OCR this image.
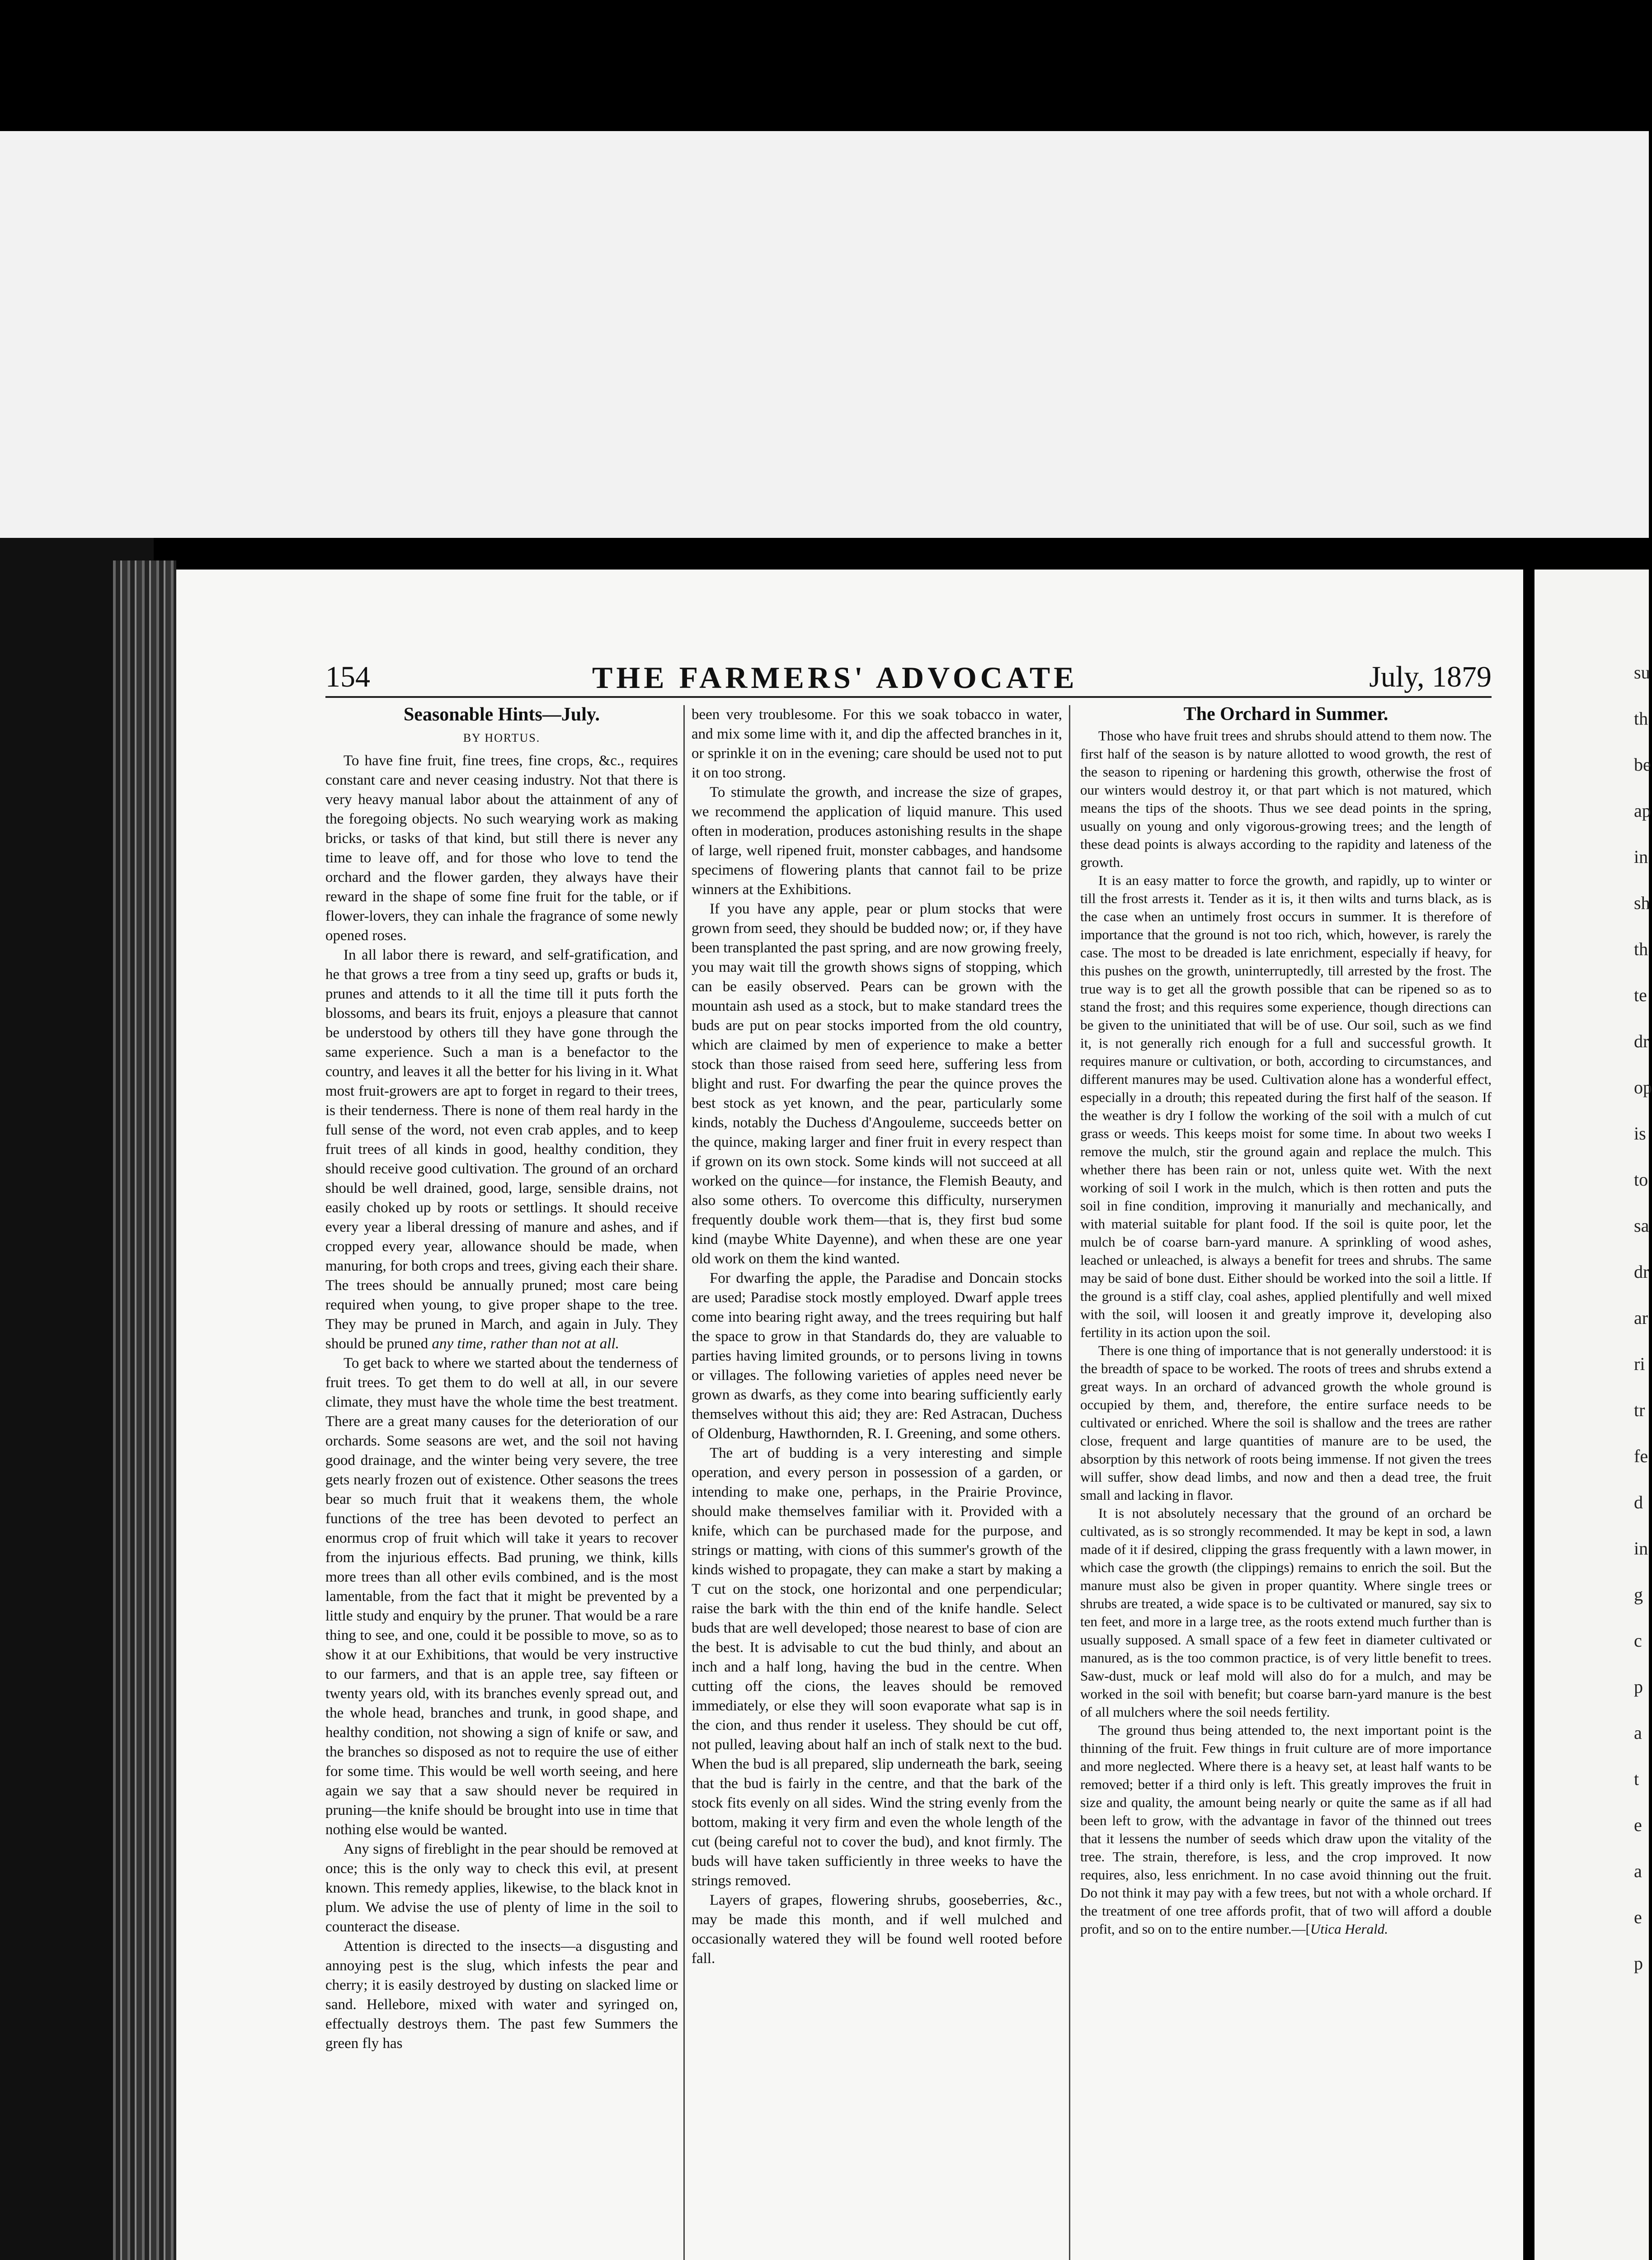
su
th
be
ap
in
sh
th
te
dr
op
is
to
sa
dr
ar
ri
tr
fe
d
in
g
c
p
a
t
e
a
e
p
154	THE FARMERS' ADVOCATE	July, 1879
Seasonable Hints—July.
BY HORTUS.

To have fine fruit, fine trees, fine crops, &c., requires constant care and never ceasing industry. Not that there is very heavy manual labor about the attainment of any of the foregoing objects. No such wearying work as making bricks, or tasks of that kind, but still there is never any time to leave off, and for those who love to tend the orchard and the flower garden, they always have their reward in the shape of some fine fruit for the table, or if flower-lovers, they can inhale the fragrance of some newly opened roses.

In all labor there is reward, and self-gratification, and he that grows a tree from a tiny seed up, grafts or buds it, prunes and attends to it all the time till it puts forth the blossoms, and bears its fruit, enjoys a pleasure that cannot be understood by others till they have gone through the same experience. Such a man is a benefactor to the country, and leaves it all the better for his living in it. What most fruit-growers are apt to forget in regard to their trees, is their tenderness. There is none of them real hardy in the full sense of the word, not even crab apples, and to keep fruit trees of all kinds in good, healthy condition, they should receive good cultivation. The ground of an orchard should be well drained, good, large, sensible drains, not easily choked up by roots or settlings. It should receive every year a liberal dressing of manure and ashes, and if cropped every year, allowance should be made, when manuring, for both crops and trees, giving each their share. The trees should be annually pruned; most care being required when young, to give proper shape to the tree. They may be pruned in March, and again in July. They should be pruned any time, rather than not at all.

To get back to where we started about the tenderness of fruit trees. To get them to do well at all, in our severe climate, they must have the whole time the best treatment. There are a great many causes for the deterioration of our orchards. Some seasons are wet, and the soil not having good drainage, and the winter being very severe, the tree gets nearly frozen out of existence. Other seasons the trees bear so much fruit that it weakens them, the whole functions of the tree has been devoted to perfect an enormus crop of fruit which will take it years to recover from the injurious effects. Bad pruning, we think, kills more trees than all other evils combined, and is the most lamentable, from the fact that it might be prevented by a little study and enquiry by the pruner. That would be a rare thing to see, and one, could it be possible to move, so as to show it at our Exhibitions, that would be very instructive to our farmers, and that is an apple tree, say fifteen or twenty years old, with its branches evenly spread out, and the whole head, branches and trunk, in good shape, and healthy condition, not showing a sign of knife or saw, and the branches so disposed as not to require the use of either for some time. This would be well worth seeing, and here again we say that a saw should never be required in pruning—the knife should be brought into use in time that nothing else would be wanted.

Any signs of fireblight in the pear should be removed at once; this is the only way to check this evil, at present known. This remedy applies, likewise, to the black knot in plum. We advise the use of plenty of lime in the soil to counteract the disease.

Attention is directed to the insects—a disgusting and annoying pest is the slug, which infests the pear and cherry; it is easily destroyed by dusting on slacked lime or sand. Hellebore, mixed with water and syringed on, effectually destroys them. The past few Summers the green fly has

been very troublesome. For this we soak tobacco in water, and mix some lime with it, and dip the affected branches in it, or sprinkle it on in the evening; care should be used not to put it on too strong.

To stimulate the growth, and increase the size of grapes, we recommend the application of liquid manure. This used often in moderation, produces astonishing results in the shape of large, well ripened fruit, monster cabbages, and handsome specimens of flowering plants that cannot fail to be prize winners at the Exhibitions.

If you have any apple, pear or plum stocks that were grown from seed, they should be budded now; or, if they have been transplanted the past spring, and are now growing freely, you may wait till the growth shows signs of stopping, which can be easily observed. Pears can be grown with the mountain ash used as a stock, but to make standard trees the buds are put on pear stocks imported from the old country, which are claimed by men of experience to make a better stock than those raised from seed here, suffering less from blight and rust. For dwarfing the pear the quince proves the best stock as yet known, and the pear, particularly some kinds, notably the Duchess d'Angouleme, succeeds better on the quince, making larger and finer fruit in every respect than if grown on its own stock. Some kinds will not succeed at all worked on the quince—for instance, the Flemish Beauty, and also some others. To overcome this difficulty, nurserymen frequently double work them—that is, they first bud some kind (maybe White Dayenne), and when these are one year old work on them the kind wanted.

For dwarfing the apple, the Paradise and Doncain stocks are used; Paradise stock mostly employed. Dwarf apple trees come into bearing right away, and the trees requiring but half the space to grow in that Standards do, they are valuable to parties having limited grounds, or to persons living in towns or villages. The following varieties of apples need never be grown as dwarfs, as they come into bearing sufficiently early themselves without this aid; they are: Red Astracan, Duchess of Oldenburg, Hawthornden, R. I. Greening, and some others.

The art of budding is a very interesting and simple operation, and every person in possession of a garden, or intending to make one, perhaps, in the Prairie Province, should make themselves familiar with it. Provided with a knife, which can be purchased made for the purpose, and strings or matting, with cions of this summer's growth of the kinds wished to propagate, they can make a start by making a T cut on the stock, one horizontal and one perpendicular; raise the bark with the thin end of the knife handle. Select buds that are well developed; those nearest to base of cion are the best. It is advisable to cut the bud thinly, and about an inch and a half long, having the bud in the centre. When cutting off the cions, the leaves should be removed immediately, or else they will soon evaporate what sap is in the cion, and thus render it useless. They should be cut off, not pulled, leaving about half an inch of stalk next to the bud. When the bud is all prepared, slip underneath the bark, seeing that the bud is fairly in the centre, and that the bark of the stock fits evenly on all sides. Wind the string evenly from the bottom, making it very firm and even the whole length of the cut (being careful not to cover the bud), and knot firmly. The buds will have taken sufficiently in three weeks to have the strings removed.

Layers of grapes, flowering shrubs, gooseberries, &c., may be made this month, and if well mulched and occasionally watered they will be found well rooted before fall.

The Orchard in Summer.

Those who have fruit trees and shrubs should attend to them now. The first half of the season is by nature allotted to wood growth, the rest of the season to ripening or hardening this growth, otherwise the frost of our winters would destroy it, or that part which is not matured, which means the tips of the shoots. Thus we see dead points in the spring, usually on young and only vigorous-growing trees; and the length of these dead points is always according to the rapidity and lateness of the growth.

It is an easy matter to force the growth, and rapidly, up to winter or till the frost arrests it. Tender as it is, it then wilts and turns black, as is the case when an untimely frost occurs in summer. It is therefore of importance that the ground is not too rich, which, however, is rarely the case. The most to be dreaded is late enrichment, especially if heavy, for this pushes on the growth, uninterruptedly, till arrested by the frost. The true way is to get all the growth possible that can be ripened so as to stand the frost; and this requires some experience, though directions can be given to the uninitiated that will be of use. Our soil, such as we find it, is not generally rich enough for a full and successful growth. It requires manure or cultivation, or both, according to circumstances, and different manures may be used. Cultivation alone has a wonderful effect, especially in a drouth; this repeated during the first half of the season. If the weather is dry I follow the working of the soil with a mulch of cut grass or weeds. This keeps moist for some time. In about two weeks I remove the mulch, stir the ground again and replace the mulch. This whether there has been rain or not, unless quite wet. With the next working of soil I work in the mulch, which is then rotten and puts the soil in fine condition, improving it manurially and mechanically, and with material suitable for plant food. If the soil is quite poor, let the mulch be of coarse barn-yard manure. A sprinkling of wood ashes, leached or unleached, is always a benefit for trees and shrubs. The same may be said of bone dust. Either should be worked into the soil a little. If the ground is a stiff clay, coal ashes, applied plentifully and well mixed with the soil, will loosen it and greatly improve it, developing also fertility in its action upon the soil.

There is one thing of importance that is not generally understood: it is the breadth of space to be worked. The roots of trees and shrubs extend a great ways. In an orchard of advanced growth the whole ground is occupied by them, and, therefore, the entire surface needs to be cultivated or enriched. Where the soil is shallow and the trees are rather close, frequent and large quantities of manure are to be used, the absorption by this network of roots being immense. If not given the trees will suffer, show dead limbs, and now and then a dead tree, the fruit small and lacking in flavor.

It is not absolutely necessary that the ground of an orchard be cultivated, as is so strongly recommended. It may be kept in sod, a lawn made of it if desired, clipping the grass frequently with a lawn mower, in which case the growth (the clippings) remains to enrich the soil. But the manure must also be given in proper quantity. Where single trees or shrubs are treated, a wide space is to be cultivated or manured, say six to ten feet, and more in a large tree, as the roots extend much further than is usually supposed. A small space of a few feet in diameter cultivated or manured, as is the too common practice, is of very little benefit to trees. Saw-dust, muck or leaf mold will also do for a mulch, and may be worked in the soil with benefit; but coarse barn-yard manure is the best of all mulchers where the soil needs fertility.

The ground thus being attended to, the next important point is the thinning of the fruit. Few things in fruit culture are of more importance and more neglected. Where there is a heavy set, at least half wants to be removed; better if a third only is left. This greatly improves the fruit in size and quality, the amount being nearly or quite the same as if all had been left to grow, with the advantage in favor of the thinned out trees that it lessens the number of seeds which draw upon the vitality of the tree. The strain, therefore, is less, and the crop improved. It now requires, also, less enrichment. In no case avoid thinning out the fruit. Do not think it may pay with a few trees, but not with a whole orchard. If the treatment of one tree affords profit, that of two will afford a double profit, and so on to the entire number.—[Utica Herald.
